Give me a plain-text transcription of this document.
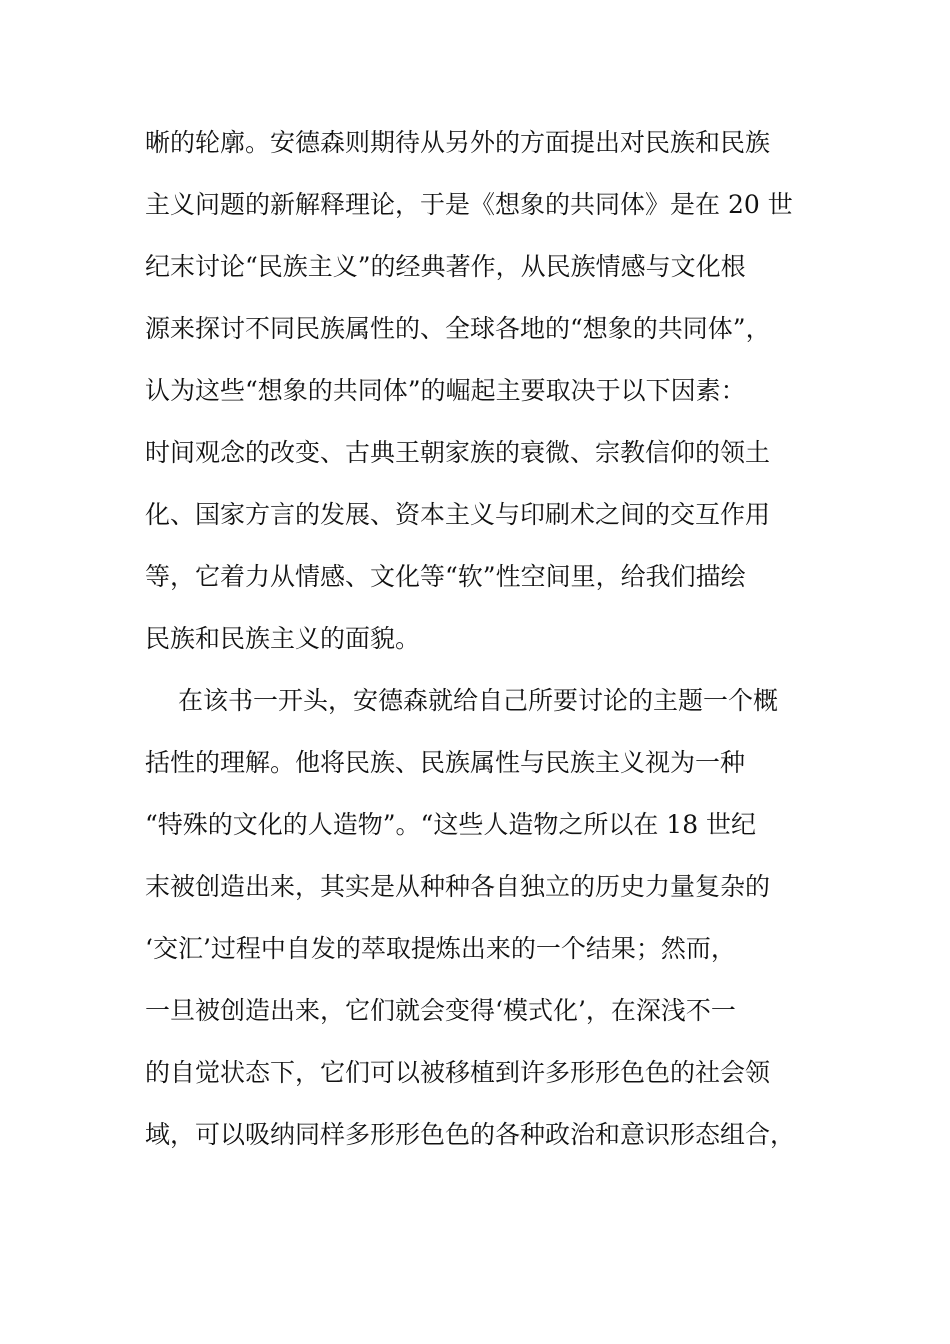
晰的轮廓。安德森则期待从另外的方面提出对民族和民族
主义问题的新解释理论，于是《想象的共同体》是在 20 世
纪末讨论“民族主义”的经典著作，从民族情感与文化根
源来探讨不同民族属性的、全球各地的“想象的共同体”，
认为这些“想象的共同体”的崛起主要取决于以下因素：
时间观念的改变、古典王朝家族的衰微、宗教信仰的领土
化、国家方言的发展、资本主义与印刷术之间的交互作用
等，它着力从情感、文化等“软”性空间里，给我们描绘
民族和民族主义的面貌。
在该书一开头，安德森就给自己所要讨论的主题一个概
括性的理解。他将民族、民族属性与民族主义视为一种
“特殊的文化的人造物”。“这些人造物之所以在 18 世纪
末被创造出来，其实是从种种各自独立的历史力量复杂的
‘交汇’过程中自发的萃取提炼出来的一个结果；然而，
一旦被创造出来，它们就会变得‘模式化’，在深浅不一
的自觉状态下，它们可以被移植到许多形形色色的社会领
域，可以吸纳同样多形形色色的各种政治和意识形态组合，
